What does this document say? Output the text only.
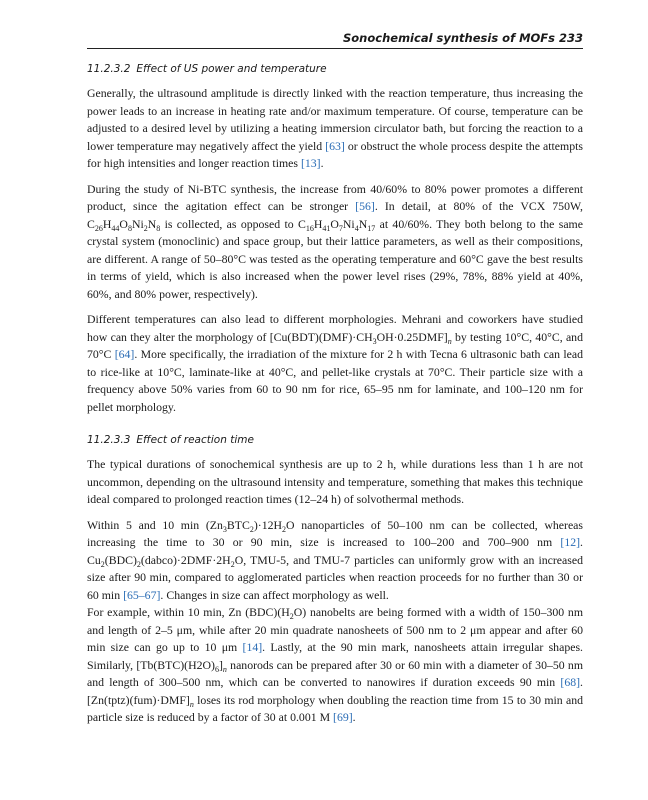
Sonochemical synthesis of MOFs 233
11.2.3.2 Effect of US power and temperature

Generally, the ultrasound amplitude is directly linked with the reaction temperature, thus increasing the power leads to an increase in heating rate and/or maximum temperature. Of course, temperature can be adjusted to a desired level by utilizing a heating immersion circulator bath, but forcing the reaction to a lower temperature may negatively affect the yield [63] or obstruct the whole process despite the attempts for high intensities and longer reaction times [13].

During the study of Ni-BTC synthesis, the increase from 40/60% to 80% power promotes a different product, since the agitation effect can be stronger [56]. In detail, at 80% of the VCX 750W, $C_{26}H_{44}O_8Ni_2N_8$ is collected, as opposed to $C_{16}H_{41}O_7Ni_4N_{17}$ at 40/60%. They both belong to the same crystal system (monoclinic) and space group, but their lattice parameters, as well as their compositions, are different. A range of 50–80°C was tested as the operating temperature and 60°C gave the best results in terms of yield, which is also increased when the power level rises (29%, 78%, 88% yield at 40%, 60%, and 80% power, respectively).

Different temperatures can also lead to different morphologies. Mehrani and coworkers have studied how can they alter the morphology of $[Cu(BDT)(DMF)\cdot CH_3OH\cdot 0.25DMF]_n$ by testing 10°C, 40°C, and 70°C [64]. More specifically, the irradiation of the mixture for 2 h with Tecna 6 ultrasonic bath can lead to rice-like at 10°C, laminate-like at 40°C, and pellet-like crystals at 70°C. Their particle size with a frequency above 50% varies from 60 to 90 nm for rice, 65–95 nm for laminate, and 100–120 nm for pellet morphology.

11.2.3.3 Effect of reaction time

The typical durations of sonochemical synthesis are up to 2 h, while durations less than 1 h are not uncommon, depending on the ultrasound intensity and temperature, something that makes this technique ideal compared to prolonged reaction times (12–24 h) of solvothermal methods.

Within 5 and 10 $\min (Zn_3BTC_2)\cdot 12H_2O$ nanoparticles of 50–100 nm can be collected, whereas increasing the time to 30 or 90 min, size is increased to 100–200 and 700–900 nm [12]. $Cu_2(BDC)_2(dabco)\cdot 2DMF\cdot 2H_2O$, TMU-5, and TMU-7 particles can uniformly grow with an increased size after 90 min, compared to agglomerated particles when reaction proceeds for no further than 30 or 60 min [65–67]. Changes in size can affect morphology as well.

For example, within 10 min, Zn $(BDC)(H_2O)$ nanobelts are being formed with a width of 150–300 nm and length of 2–5 μm, while after 20 min quadrate nanosheets of 500 nm to 2 μm appear and after 60 min size can go up to 10 μm [14]. Lastly, at the 90 min mark, nanosheets attain irregular shapes. Similarly, $[Tb(BTC)(H2O)_6]_n$ nanorods can be prepared after 30 or 60 min with a diameter of 30–50 nm and length of 300–500 nm, which can be converted to nanowires if duration exceeds 90 min [68]. $[Zn(tptz)(fum)\cdot DMF]_n$ loses its rod morphology when doubling the reaction time from 15 to 30 min and particle size is reduced by a factor of 30 at 0.001 M [69].
